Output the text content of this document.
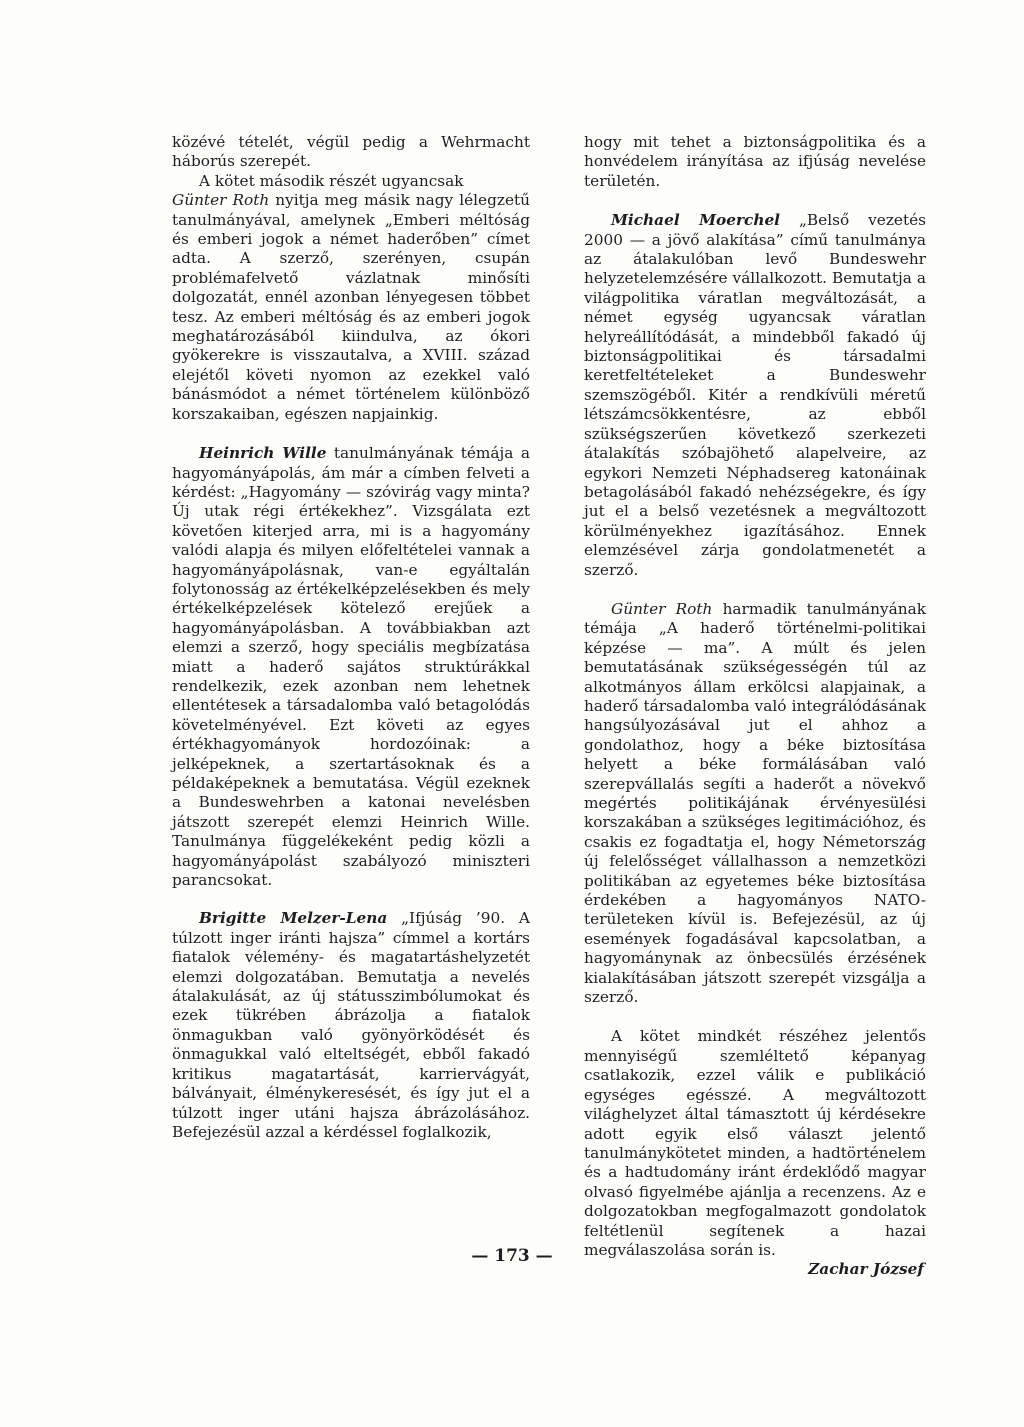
közévé tételét, végül pedig a Wehrmacht háborús szerepét.

A kötet második részét ugyancsak
Günter Roth nyitja meg másik nagy lélegzetű tanulmányával, amelynek „Emberi méltóság és emberi jogok a német haderőben” címet adta. A szerző, szerényen, csupán problémafelvető vázlatnak minősíti dolgozatát, ennél azonban lényegesen többet tesz. Az emberi méltóság és az emberi jogok meghatározásából kiindulva, az ókori gyökerekre is visszautalva, a XVIII. század elejétől követi nyomon az ezekkel való bánásmódot a német történelem különböző korszakaiban, egészen napjainkig.

Heinrich Wille tanulmányának témája a hagyományápolás, ám már a címben felveti a kérdést: „Hagyomány — szóvirág vagy minta? Új utak régi értékekhez”. Vizsgálata ezt követően kiterjed arra, mi is a hagyomány valódi alapja és milyen előfeltételei vannak a hagyományápolásnak, van-e egyáltalán folytonosság az értékelképzelésekben és mely értékelképzelések kötelező erejűek a hagyományápolásban. A továbbiakban azt elemzi a szerző, hogy speciális megbízatása miatt a haderő sajátos struktúrákkal rendelkezik, ezek azonban nem lehetnek ellentétesek a társadalomba való betagolódás követelményével. Ezt követi az egyes értékhagyományok hordozóinak: a jelképeknek, a szertartásoknak és a példaképeknek a bemutatása. Végül ezeknek a Bundeswehrben a katonai nevelésben játszott szerepét elemzi Heinrich Wille. Tanulmánya függelékeként pedig közli a hagyományápolást szabályozó miniszteri parancsokat.

Brigitte Melzer-Lena „Ifjúság ’90. A túlzott inger iránti hajsza” címmel a kortárs fiatalok vélemény- és magatartáshelyzetét elemzi dolgozatában. Bemutatja a nevelés átalakulását, az új státusszimbólumokat és ezek tükrében ábrázolja a fiatalok önmagukban való gyönyörködését és önmagukkal való elteltségét, ebből fakadó kritikus magatartását, karriervágyát, bálványait, élménykeresését, és így jut el a túlzott inger utáni hajsza ábrázolásához. Befejezésül azzal a kérdéssel foglalkozik,

hogy mit tehet a biztonságpolitika és a honvédelem irányítása az ifjúság nevelése területén.

Michael Moerchel „Belső vezetés 2000 — a jövő alakítása” című tanulmánya az átalakulóban levő Bundeswehr helyzetelemzésére vállalkozott. Bemutatja a világpolitika váratlan megváltozását, a német egység ugyancsak váratlan helyreállítódását, a mindebből fakadó új biztonságpolitikai és társadalmi keretfeltételeket a Bundeswehr szemszögéből. Kitér a rendkívüli méretű létszámcsökkentésre, az ebből szükségszerűen következő szerkezeti átalakítás szóbajöhető alapelveire, az egykori Nemzeti Néphadsereg katonáinak betagolásából fakadó nehézségekre, és így jut el a belső vezetésnek a megváltozott körülményekhez igazításához. Ennek elemzésével zárja gondolatmenetét a szerző.

Günter Roth harmadik tanulmányának témája „A haderő történelmi-politikai képzése — ma”. A múlt és jelen bemutatásának szükségességén túl az alkotmányos állam erkölcsi alapjainak, a haderő társadalomba való integrálódásának hangsúlyozásával jut el ahhoz a gondolathoz, hogy a béke biztosítása helyett a béke formálásában való szerepvállalás segíti a haderőt a növekvő megértés politikájának érvényesülési korszakában a szükséges legitimációhoz, és csakis ez fogadtatja el, hogy Németország új felelősséget vállalhasson a nemzetközi politikában az egyetemes béke biztosítása érdekében a hagyományos NATO-területeken kívül is. Befejezésül, az új események fogadásával kapcsolatban, a hagyománynak az önbecsülés érzésének kialakításában játszott szerepét vizsgálja a szerző.

A kötet mindkét részéhez jelentős mennyiségű szemléltető képanyag csatlakozik, ezzel válik e publikáció egységes egésszé. A megváltozott világhelyzet által támasztott új kérdésekre adott egyik első választ jelentő tanulmánykötetet minden, a hadtörténelem és a hadtudomány iránt érdeklődő magyar olvasó figyelmébe ajánlja a recenzens. Az e dolgozatokban megfogalmazott gondolatok feltétlenül segítenek a hazai megválaszolása során is.

Zachar József

— 173 —
